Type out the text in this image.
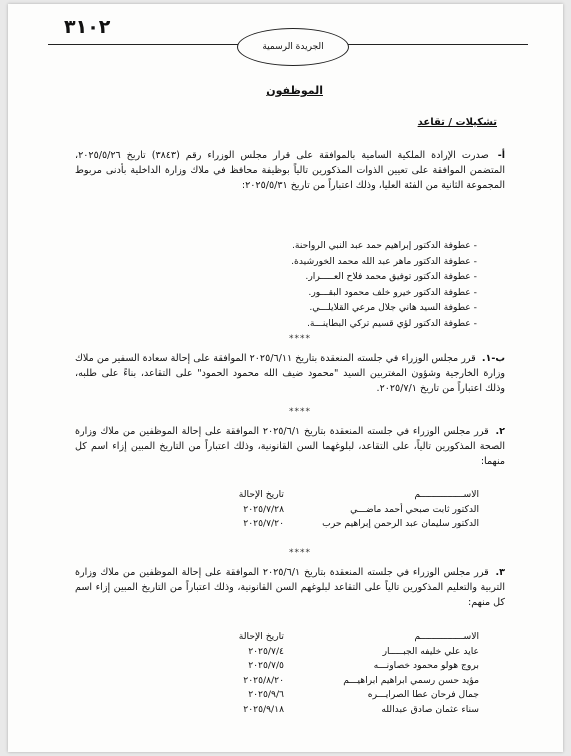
٣١٠٢
الجريدة الرسمية
الموظفون
تشكيلات / تقاعد
أ- صدرت الإرادة الملكية السامية بالموافقة على قرار مجلس الوزراء رقم (٣٨٤٣) تاريخ ٢٠٢٥/٥/٢٦، المتضمن الموافقة على تعيين الذوات المذكورين تالياً بوظيفة محافظ في ملاك وزارة الداخلية بأدنى مربوط المجموعة الثانية من الفئة العليا، وذلك اعتباراً من تاريخ ٢٠٢٥/٥/٣١:
- عطوفة الدكتور إبراهيم حمد عبد النبي الرواحنة.
- عطوفة الدكتور ماهر عبد الله محمد الخورشيدة.
- عطوفة الدكتور توفيق محمد فلاح العـــــرار.
- عطوفة الدكتور خيرو خلف محمود البقـــور.
- عطوفة السيد هاني جلال مرعي القلايلـــي.
- عطوفة الدكتور لؤي قسيم تركي البطاينـــة.
****
ب-١. قرر مجلس الوزراء في جلسته المنعقدة بتاريخ ٢٠٢٥/٦/١١ الموافقة على إحالة سعادة السفير من ملاك وزارة الخارجية وشؤون المغتربين السيد "محمود ضيف الله محمود الحمود" على التقاعد، بناءً على طلبه، وذلك اعتباراً من تاريخ ٢٠٢٥/٧/١.
****
٢. قرر مجلس الوزراء في جلسته المنعقدة بتاريخ ٢٠٢٥/٦/١ الموافقة على إحالة الموظفين من ملاك وزارة الصحة المذكورين تالياً، على التقاعد، لبلوغهما السن القانونية، وذلك اعتباراً من التاريخ المبين إزاء اسم كل منهما:
الاســــــــــــــــم	تاريخ الإحالة
الدكتور ثابت صبحي أحمد ماضـــي	٢٠٢٥/٧/٢٨
الدكتور سليمان عبد الرحمن إبراهيم حرب	٢٠٢٥/٧/٢٠
****
٣. قرر مجلس الوزراء في جلسته المنعقدة بتاريخ ٢٠٢٥/٦/١ الموافقة على إحالة الموظفين من ملاك وزارة التربية والتعليم المذكورين تالياً على التقاعد لبلوغهم السن القانونية، وذلك اعتباراً من التاريخ المبين إزاء اسم كل منهم:
الاســــــــــــــــم	تاريخ الإحالة
عايد علي خليفه الجبـــــار	٢٠٢٥/٧/٤
بروج هولو محمود خصاونـــه	٢٠٢٥/٧/٥
مؤيد حسن رسمي ابراهيم ابراهيـــم	٢٠٢٥/٨/٢٠
جمال فرحان عطا الصرايـــره	٢٠٢٥/٩/٦
سناء عثمان صادق عبدالله	٢٠٢٥/٩/١٨
